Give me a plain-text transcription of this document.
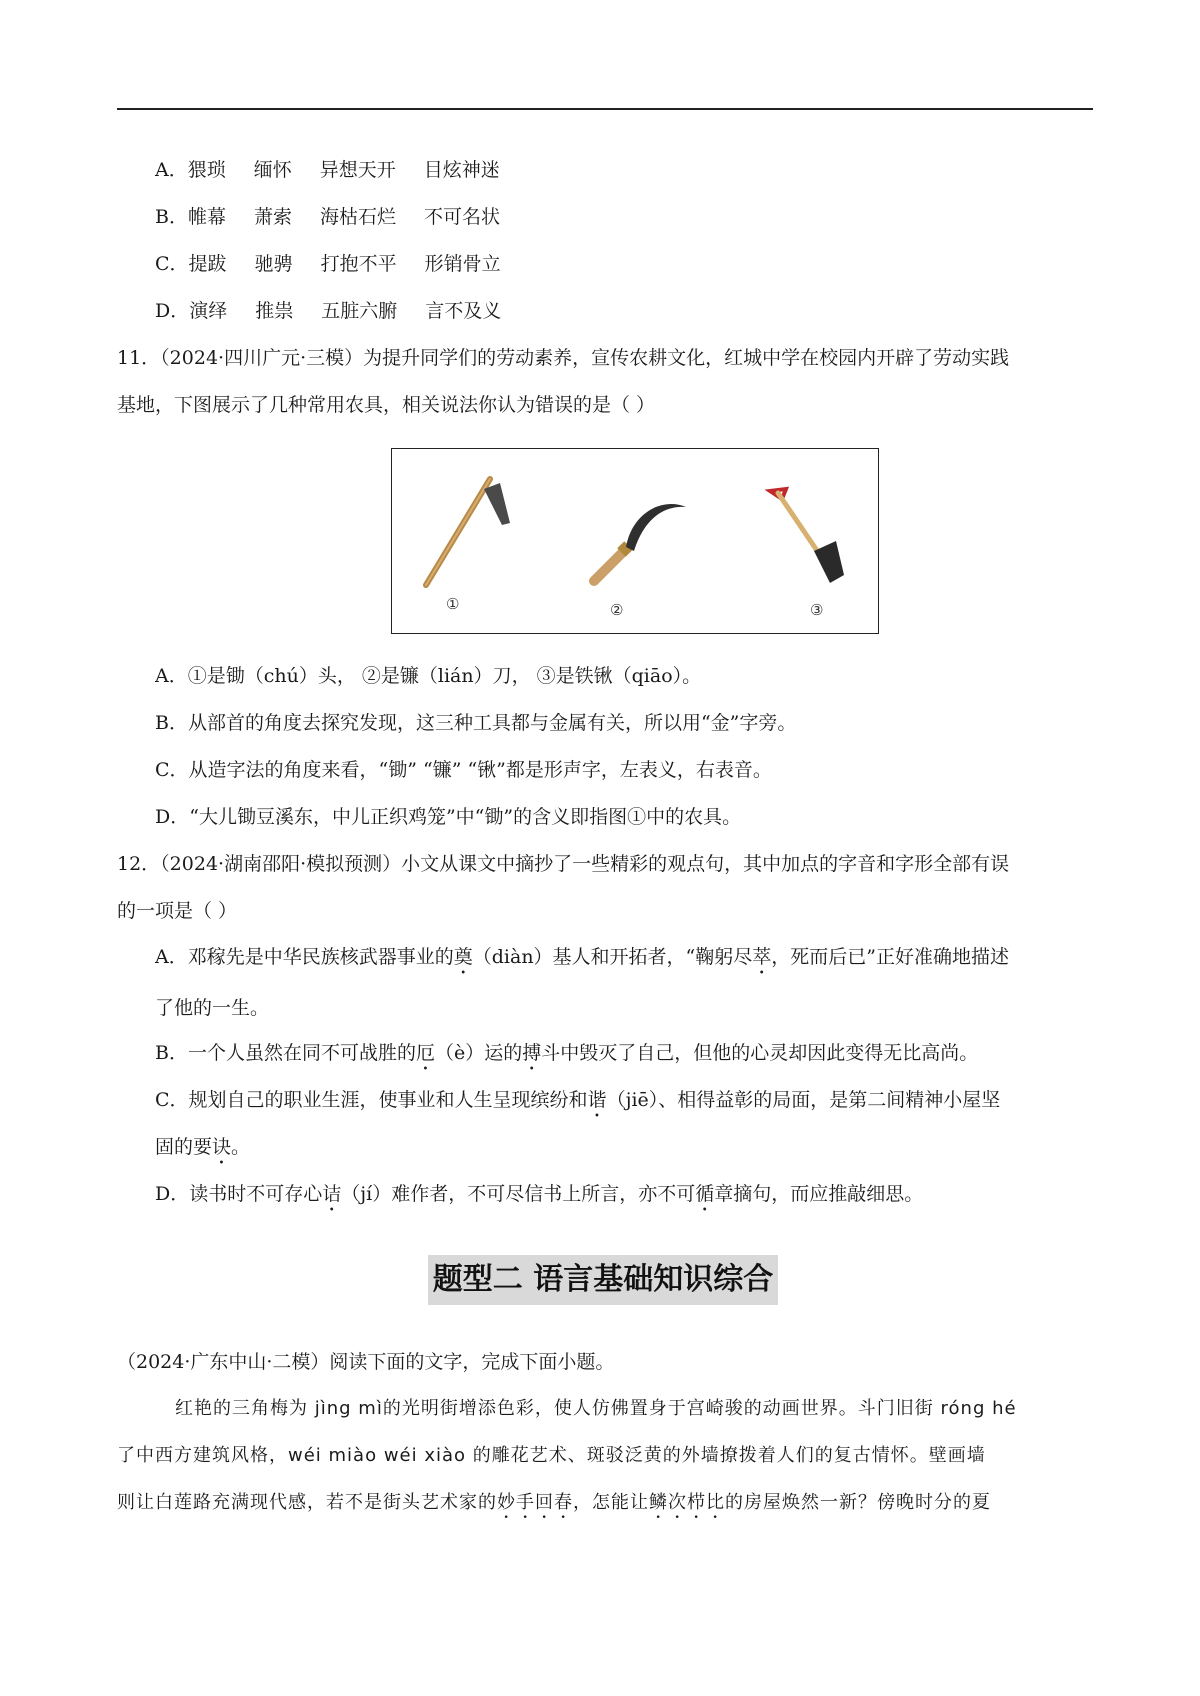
A．猥琐 缅怀 异想天开 目炫神迷
B．帷幕 萧索 海枯石烂 不可名状
C．提跋 驰骋 打抱不平 形销骨立
D．演绎 推祟 五脏六腑 言不及义
11．（2024·四川广元·三模）为提升同学们的劳动素养，宣传农耕文化，红城中学在校园内开辟了劳动实践
基地，下图展示了几种常用农具，相关说法你认为错误的是（ ）
①	②	③
A．①是锄（chú）头， ②是镰（lián）刀， ③是铁锹（qiāo）。
B．从部首的角度去探究发现，这三种工具都与金属有关，所以用“金”字旁。
C．从造字法的角度来看，“锄” “镰” “锹”都是形声字，左表义，右表音。
D．“大儿锄豆溪东，中儿正织鸡笼”中“锄”的含义即指图①中的农具。
12．（2024·湖南邵阳·模拟预测）小文从课文中摘抄了一些精彩的观点句，其中加点的字音和字形全部有误
的一项是（ ）
A．邓稼先是中华民族核武器事业的奠（diàn）基人和开拓者，“鞠躬尽萃，死而后已”正好准确地描述
了他的一生。
B．一个人虽然在同不可战胜的厄（è）运的搏斗中毁灭了自己，但他的心灵却因此变得无比高尚。
C．规划自己的职业生涯，使事业和人生呈现缤纷和谐（jiē）、相得益彰的局面，是第二间精神小屋坚
固的要诀。
D．读书时不可存心诘（jí）难作者，不可尽信书上所言，亦不可循章摘句，而应推敲细思。
题型二 语言基础知识综合
（2024·广东中山·二模）阅读下面的文字，完成下面小题。
红艳的三角梅为 jìng mì的光明街增添色彩，使人仿佛置身于宫崎骏的动画世界。斗门旧街 róng hé
了中西方建筑风格，wéi miào wéi xiào 的雕花艺术、斑驳泛黄的外墙撩拨着人们的复古情怀。壁画墙
则让白莲路充满现代感，若不是街头艺术家的妙手回春，怎能让鳞次栉比的房屋焕然一新？傍晚时分的夏
